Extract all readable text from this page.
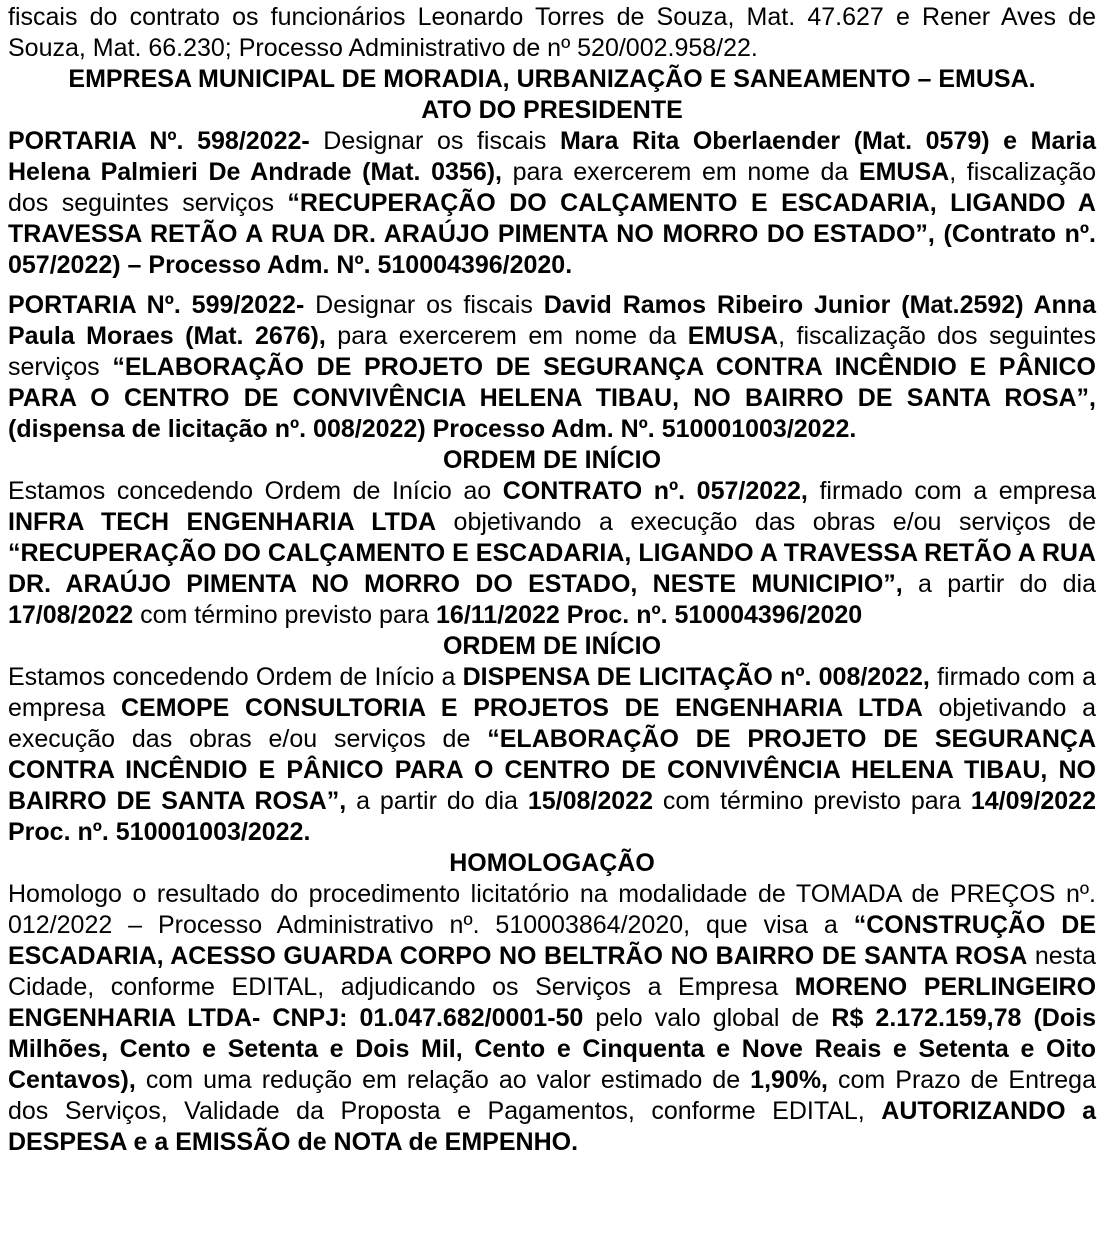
fiscais do contrato os funcionários Leonardo Torres de Souza, Mat. 47.627 e Rener Aves de Souza, Mat. 66.230; Processo Administrativo de nº 520/002.958/22.

EMPRESA MUNICIPAL DE MORADIA, URBANIZAÇÃO E SANEAMENTO – EMUSA.

ATO DO PRESIDENTE

PORTARIA Nº. 598/2022- Designar os fiscais Mara Rita Oberlaender (Mat. 0579) e Maria Helena Palmieri De Andrade (Mat. 0356), para exercerem em nome da EMUSA, fiscalização dos seguintes serviços “RECUPERAÇÃO DO CALÇAMENTO E ESCADARIA, LIGANDO A TRAVESSA RETÃO A RUA DR. ARAÚJO PIMENTA NO MORRO DO ESTADO”, (Contrato nº. 057/2022) – Processo Adm. Nº. 510004396/2020.

PORTARIA Nº. 599/2022- Designar os fiscais David Ramos Ribeiro Junior (Mat.2592) Anna Paula Moraes (Mat. 2676), para exercerem em nome da EMUSA, fiscalização dos seguintes serviços “ELABORAÇÃO DE PROJETO DE SEGURANÇA CONTRA INCÊNDIO E PÂNICO PARA O CENTRO DE CONVIVÊNCIA HELENA TIBAU, NO BAIRRO DE SANTA ROSA”, (dispensa de licitação nº. 008/2022) Processo Adm. Nº. 510001003/2022.

ORDEM DE INÍCIO

Estamos concedendo Ordem de Início ao CONTRATO nº. 057/2022, firmado com a empresa INFRA TECH ENGENHARIA LTDA objetivando a execução das obras e/ou serviços de “RECUPERAÇÃO DO CALÇAMENTO E ESCADARIA, LIGANDO A TRAVESSA RETÃO A RUA DR. ARAÚJO PIMENTA NO MORRO DO ESTADO, NESTE MUNICIPIO”, a partir do dia 17/08/2022 com término previsto para 16/11/2022 Proc. nº. 510004396/2020

ORDEM DE INÍCIO

Estamos concedendo Ordem de Início a DISPENSA DE LICITAÇÃO nº. 008/2022, firmado com a empresa CEMOPE CONSULTORIA E PROJETOS DE ENGENHARIA LTDA objetivando a execução das obras e/ou serviços de “ELABORAÇÃO DE PROJETO DE SEGURANÇA CONTRA INCÊNDIO E PÂNICO PARA O CENTRO DE CONVIVÊNCIA HELENA TIBAU, NO BAIRRO DE SANTA ROSA”, a partir do dia 15/08/2022 com término previsto para 14/09/2022 Proc. nº. 510001003/2022.

HOMOLOGAÇÃO

Homologo o resultado do procedimento licitatório na modalidade de TOMADA de PREÇOS nº. 012/2022 – Processo Administrativo nº. 510003864/2020, que visa a “CONSTRUÇÃO DE ESCADARIA, ACESSO GUARDA CORPO NO BELTRÃO NO BAIRRO DE SANTA ROSA nesta Cidade, conforme EDITAL, adjudicando os Serviços a Empresa MORENO PERLINGEIRO ENGENHARIA LTDA- CNPJ: 01.047.682/0001-50 pelo valo global de R$ 2.172.159,78 (Dois Milhões, Cento e Setenta e Dois Mil, Cento e Cinquenta e Nove Reais e Setenta e Oito Centavos), com uma redução em relação ao valor estimado de 1,90%, com Prazo de Entrega dos Serviços, Validade da Proposta e Pagamentos, conforme EDITAL, AUTORIZANDO a DESPESA e a EMISSÃO de NOTA de EMPENHO.
